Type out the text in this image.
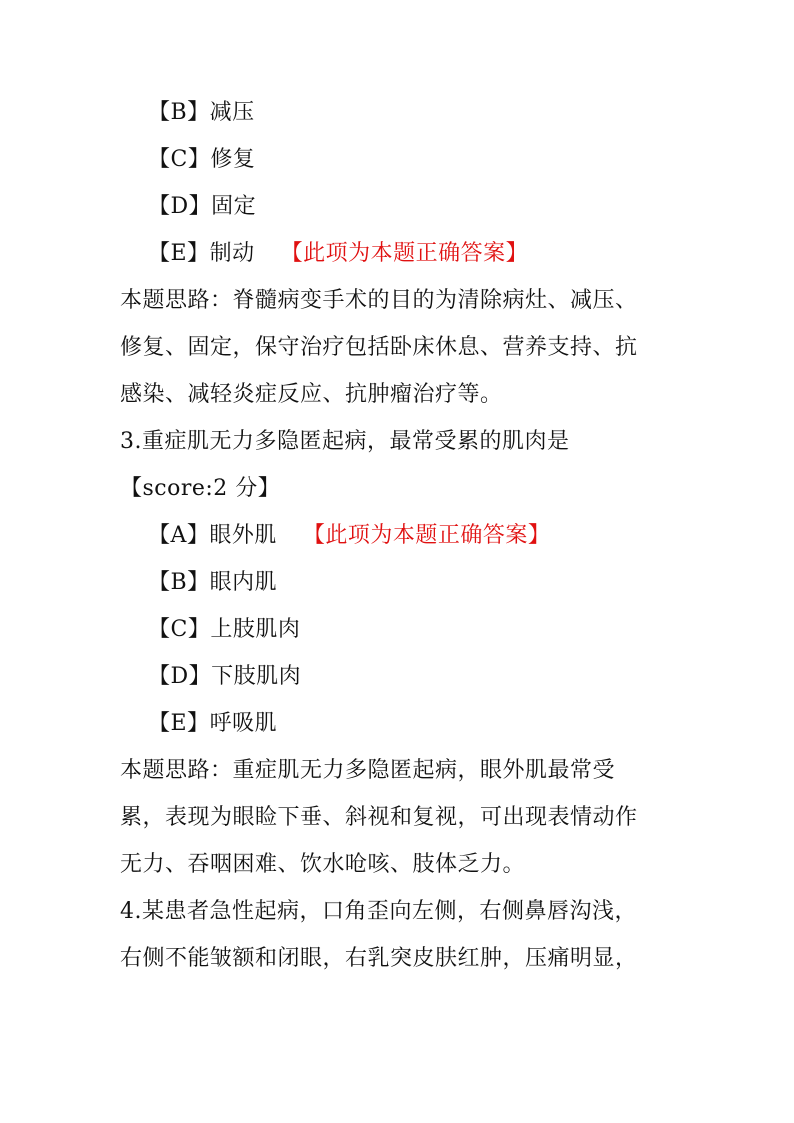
【B】减压
【C】修复
【D】固定
【E】制动 【此项为本题正确答案】
本题思路：脊髓病变手术的目的为清除病灶、减压、
修复、固定，保守治疗包括卧床休息、营养支持、抗
感染、减轻炎症反应、抗肿瘤治疗等。
3.重症肌无力多隐匿起病，最常受累的肌肉是
【score:2 分】
【A】眼外肌 【此项为本题正确答案】
【B】眼内肌
【C】上肢肌肉
【D】下肢肌肉
【E】呼吸肌
本题思路：重症肌无力多隐匿起病，眼外肌最常受
累，表现为眼睑下垂、斜视和复视，可出现表情动作
无力、吞咽困难、饮水呛咳、肢体乏力。
4.某患者急性起病，口角歪向左侧，右侧鼻唇沟浅，
右侧不能皱额和闭眼，右乳突皮肤红肿，压痛明显，
